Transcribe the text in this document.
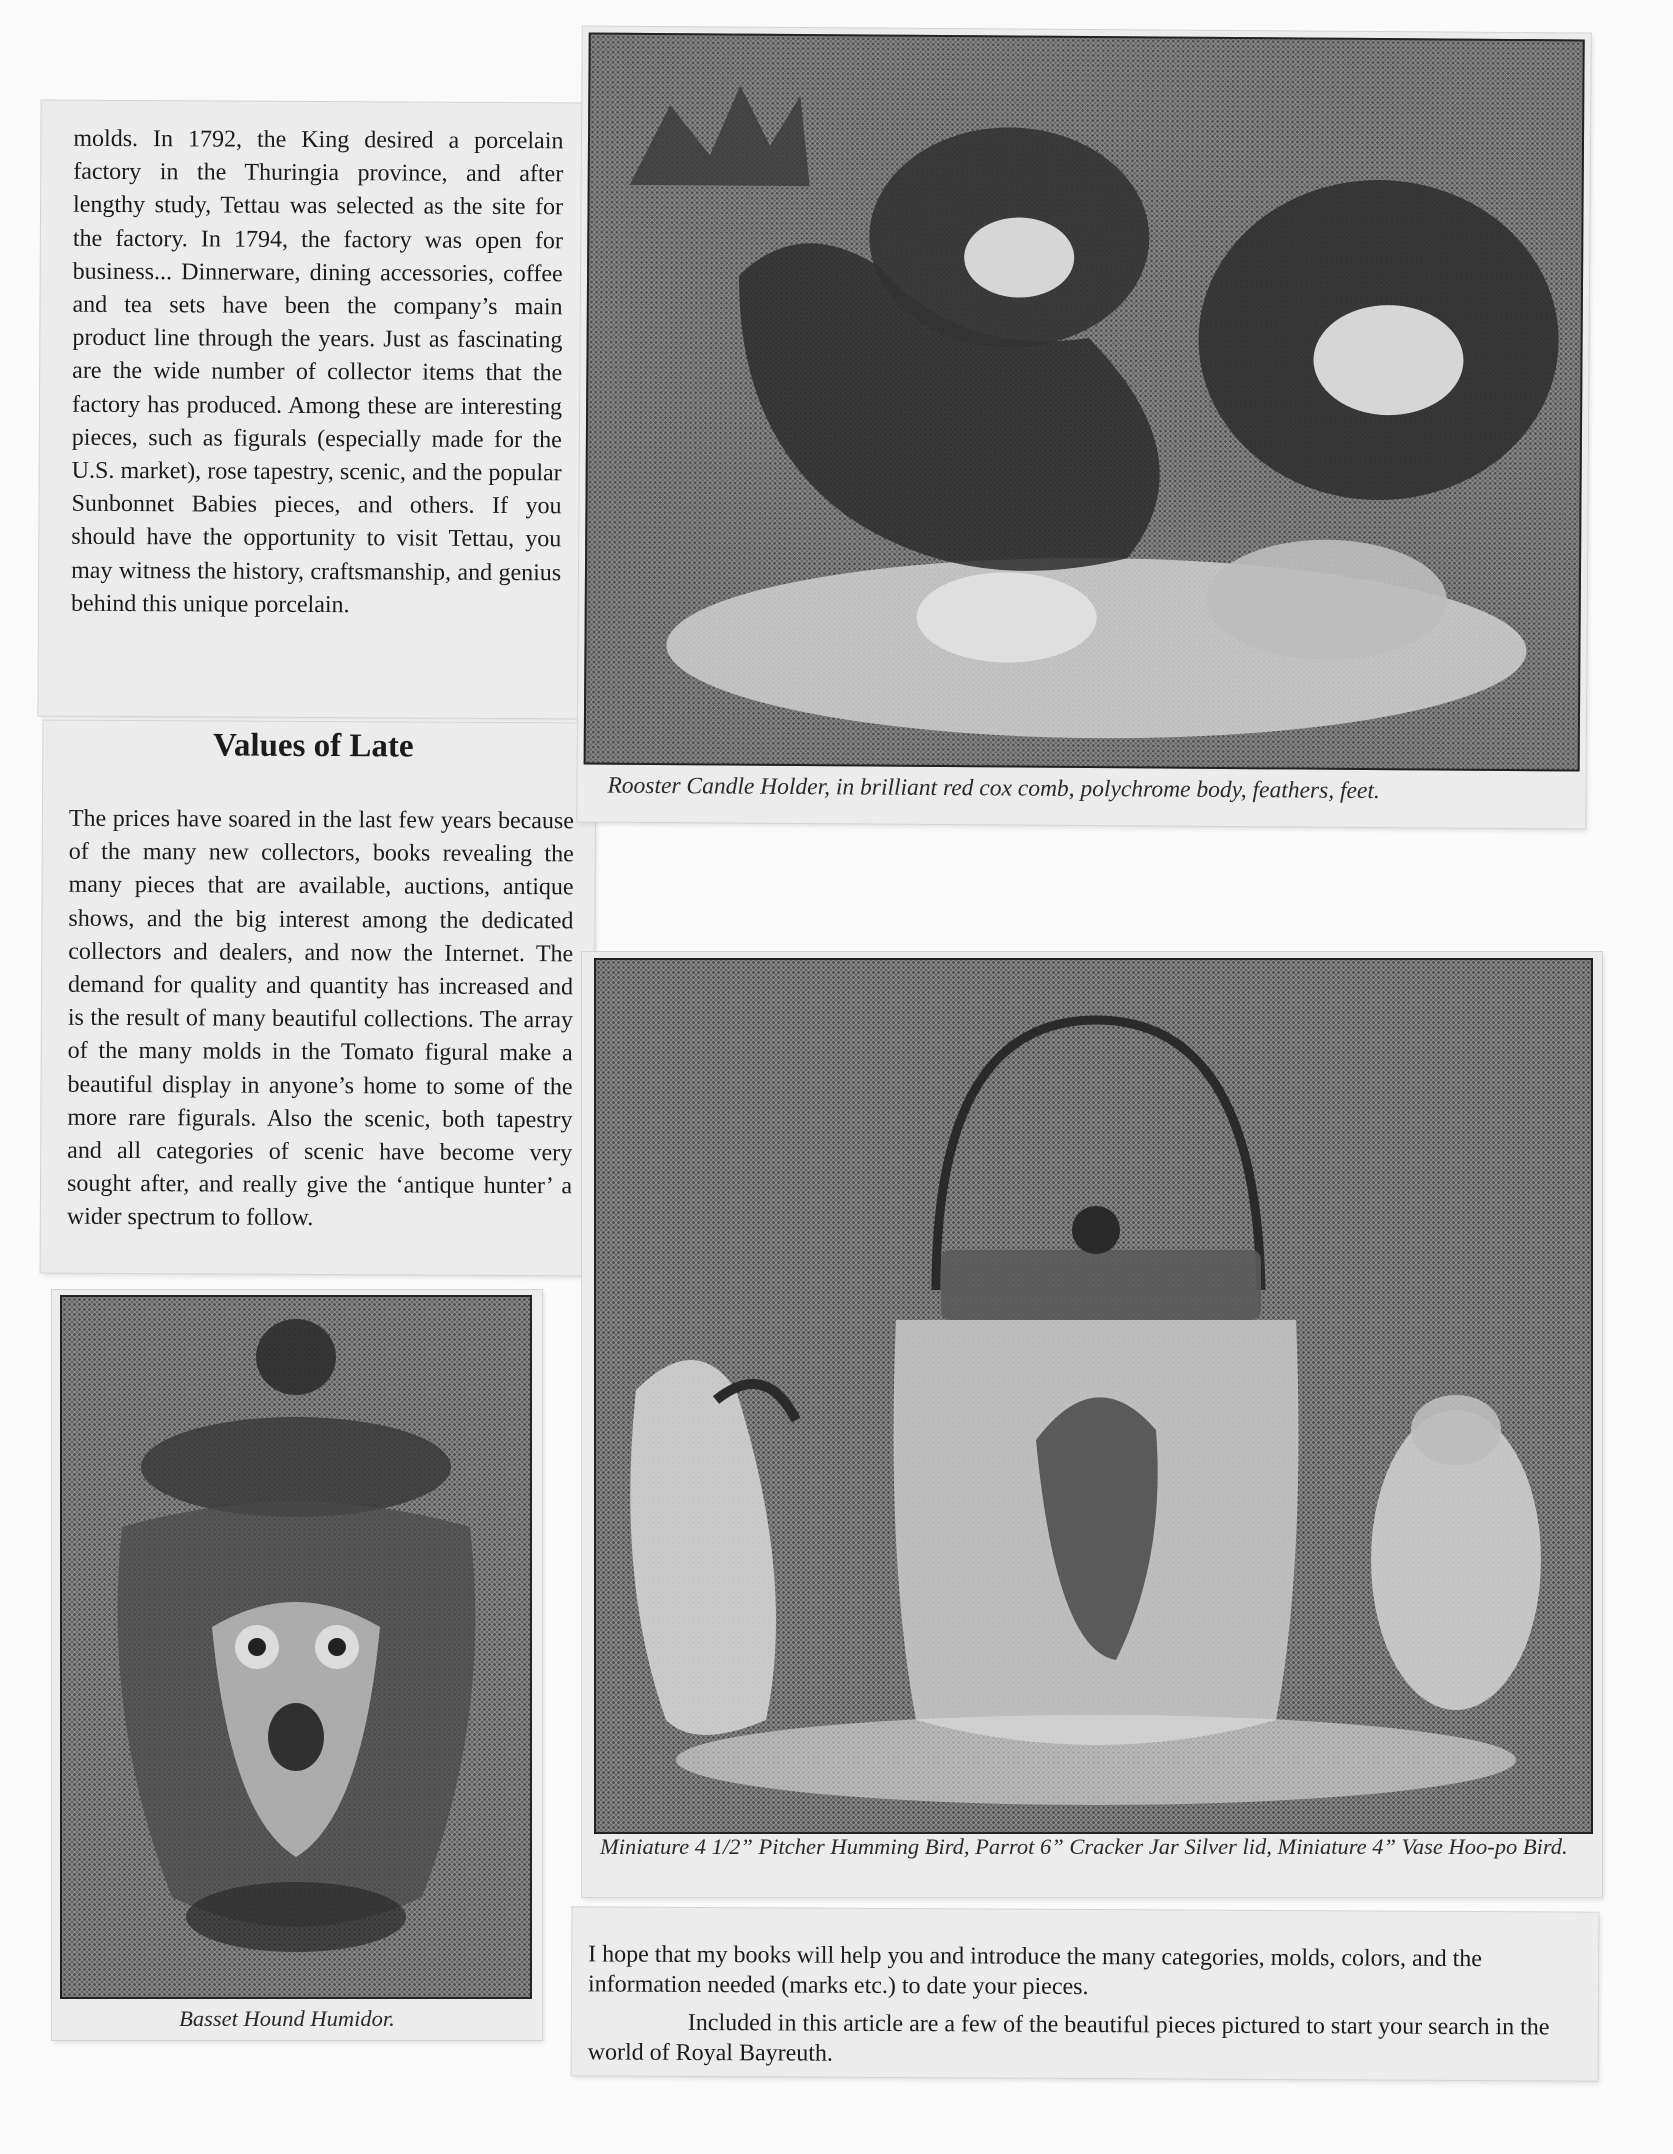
molds. In 1792, the King desired a porcelain factory in the Thuringia province, and after lengthy study, Tettau was selected as the site for the factory. In 1794, the factory was open for business... Dinnerware, dining accessories, coffee and tea sets have been the company’s main product line through the years. Just as fascinating are the wide number of collector items that the factory has produced. Among these are interesting pieces, such as figurals (especially made for the U.S. market), rose tapestry, scenic, and the popular Sunbonnet Babies pieces, and others. If you should have the opportunity to visit Tettau, you may witness the history, craftsmanship, and genius behind this unique porcelain.

Values of Late

The prices have soared in the last few years because of the many new collectors, books revealing the many pieces that are available, auctions, antique shows, and the big interest among the dedicated collectors and dealers, and now the Internet. The demand for quality and quantity has increased and is the result of many beautiful collections. The array of the many molds in the Tomato figural make a beautiful display in anyone’s home to some of the more rare figurals. Also the scenic, both tapestry and all categories of scenic have become very sought after, and really give the ‘antique hunter’ a wider spectrum to follow.

Basset Hound Humidor.
Rooster Candle Holder, in brilliant red cox comb, polychrome body, feathers, feet.
Miniature 4 1/2” Pitcher Humming Bird, Parrot 6” Cracker Jar Silver lid, Miniature 4” Vase Hoo-po Bird.

I hope that my books will help you and introduce the many categories, molds, colors, and the information needed (marks etc.) to date your pieces.

Included in this article are a few of the beautiful pieces pictured to start your search in the world of Royal Bayreuth.
